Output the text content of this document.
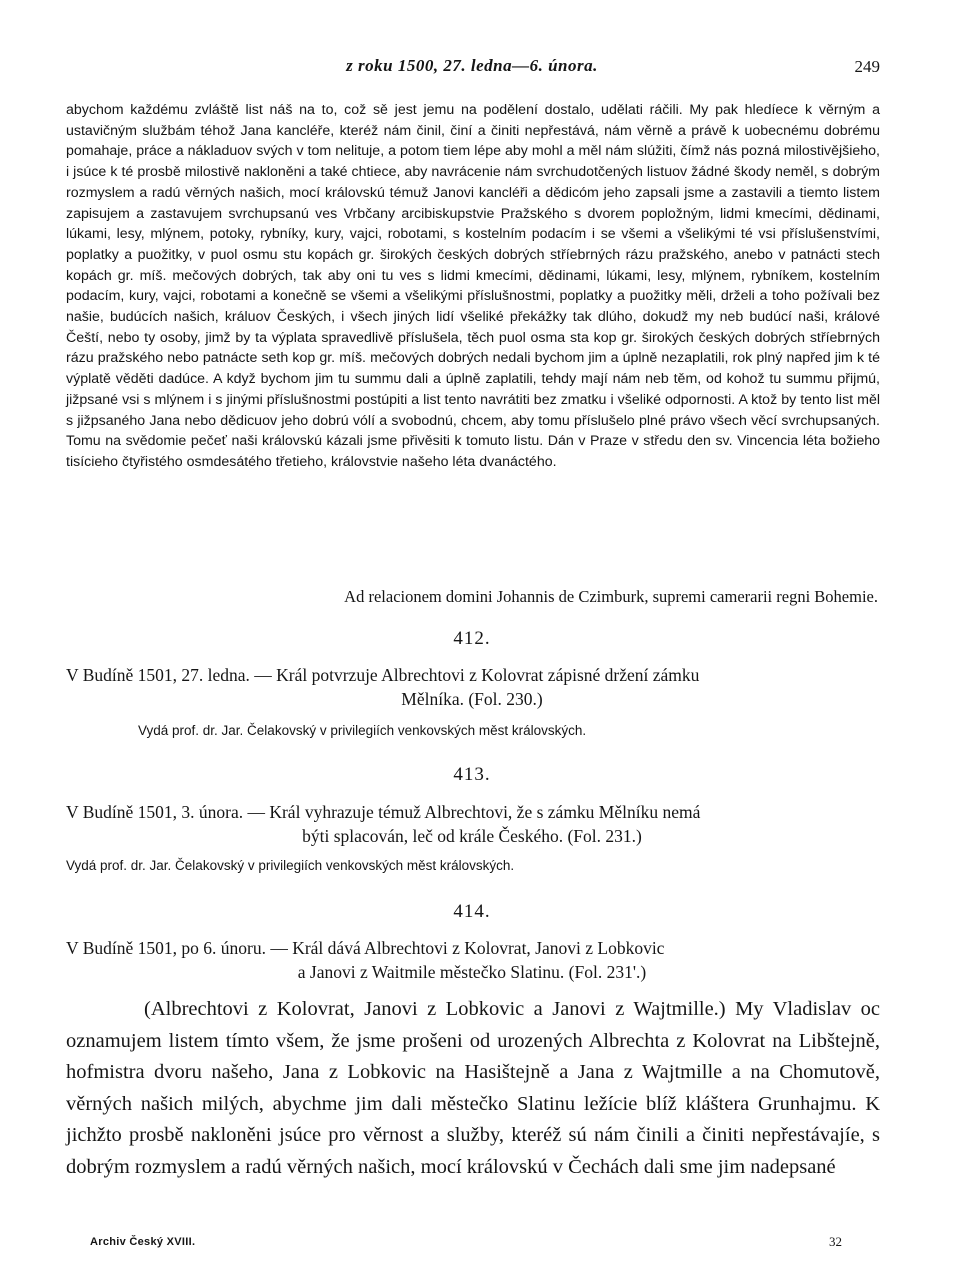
z roku 1500, 27. ledna—6. února.	249

abychom každému zvláště list náš na to, což sě jest jemu na podělení dostalo, udělati ráčili. My pak hledíece k věrným a ustavičným službám téhož Jana kancléře, kteréž nám činil, činí a činiti nepřestává, nám věrně a právě k uobecnému dobrému pomahaje, práce a nákladuov svých v tom nelituje, a potom tiem lépe aby mohl a měl nám slúžiti, čímž nás pozná milostivějšieho, i jsúce k té prosbě milostivě nakloněni a také chtiece, aby navrácenie nám svrchudotčených listuov žádné škody neměl, s dobrým rozmyslem a radú věrných našich, mocí královskú témuž Janovi kancléři a dědicóm jeho zapsali jsme a zastavili a tiemto listem zapisujem a zastavujem svrchupsanú ves Vrbčany arcibiskupstvie Pražského s dvorem popložným, lidmi kmecími, dědinami, lúkami, lesy, mlýnem, potoky, rybníky, kury, vajci, robotami, s kostelním podacím i se všemi a všelikými té vsi příslušenstvími, poplatky a puožitky, v puol osmu stu kopách gr. širokých českých dobrých stříebrných rázu pražského, anebo v patnácti stech kopách gr. míš. mečových dobrých, tak aby oni tu ves s lidmi kmecími, dědinami, lúkami, lesy, mlýnem, rybníkem, kostelním podacím, kury, vajci, robotami a konečně se všemi a všelikými příslušnostmi, poplatky a puožitky měli, drželi a toho požívali bez našie, budúcích našich, králuov Českých, i všech jiných lidí všeliké překážky tak dlúho, dokudž my neb budúcí naši, králové Čeští, nebo ty osoby, jimž by ta výplata spravedlivě příslušela, těch puol osma sta kop gr. širokých českých dobrých stříebrných rázu pražského nebo patnácte seth kop gr. míš. mečových dobrých nedali bychom jim a úplně nezaplatili, rok plný napřed jim k té výplatě věděti dadúce. A když bychom jim tu summu dali a úplně zaplatili, tehdy mají nám neb těm, od kohož tu summu přijmú, jižpsané vsi s mlýnem i s jinými příslušnostmi postúpiti a list tento navrátiti bez zmatku i všeliké odpornosti. A ktož by tento list měl s jižpsaného Jana nebo dědicuov jeho dobrú vólí a svobodnú, chcem, aby tomu příslušelo plné právo všech věcí svrchupsaných. Tomu na svědomie pečeť naši královskú kázali jsme přivěsiti k tomuto listu. Dán v Praze v středu den sv. Vincencia léta božieho tisícieho čtyřistého osmdesátého třetieho, královstvie našeho léta dvanáctého.

Ad relacionem domini Johannis de Czimburk, supremi camerarii regni Bohemie.
412.
V Budíně 1501, 27. ledna. — Král potvrzuje Albrechtovi z Kolovrat zápisné držení zámku
Mělníka. (Fol. 230.)
Vydá prof. dr. Jar. Čelakovský v privilegiích venkovských měst královských.
413.
V Budíně 1501, 3. února. — Král vyhrazuje témuž Albrechtovi, že s zámku Mělníku nemá
býti splacován, leč od krále Českého. (Fol. 231.)
Vydá prof. dr. Jar. Čelakovský v privilegiích venkovských měst královských.
414.
V Budíně 1501, po 6. únoru. — Král dává Albrechtovi z Kolovrat, Janovi z Lobkovic
a Janovi z Waitmile městečko Slatinu. (Fol. 231'.)

(Albrechtovi z Kolovrat, Janovi z Lobkovic a Janovi z Wajtmille.) My Vladislav oc oznamujem listem tímto všem, že jsme prošeni od urozených Albrechta z Kolovrat na Libštejně, hofmistra dvoru našeho, Jana z Lobkovic na Hasištejně a Jana z Wajtmille a na Chomutově, věrných našich milých, abychme jim dali městečko Slatinu ležície blíž kláštera Grunhajmu. K jichžto prosbě nakloněni jsúce pro věrnost a služby, kteréž sú nám činili a činiti nepřestávajíe, s dobrým rozmyslem a radú věrných našich, mocí královskú v Čechách dali sme jim nadepsané

Archiv Český XVIII.	32
